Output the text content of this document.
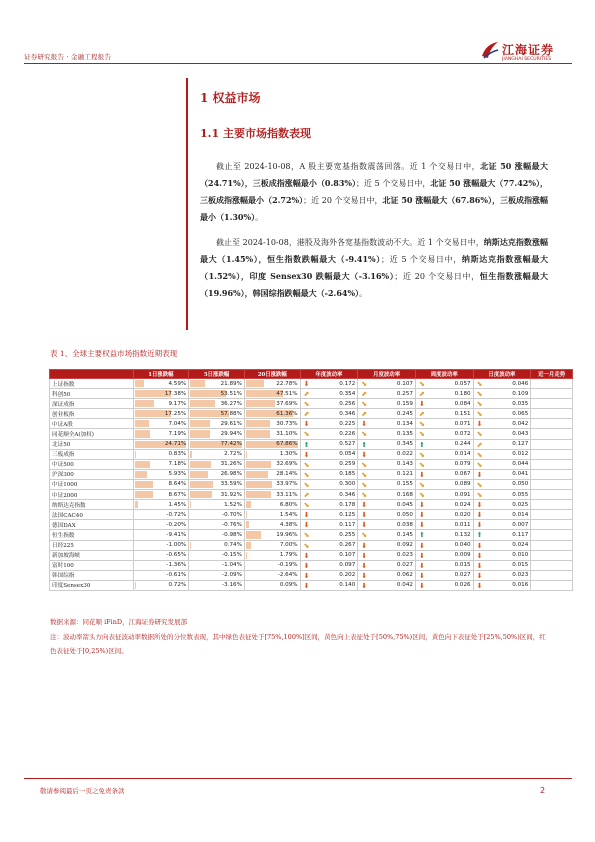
证券研究报告 · 金融工程报告	江海证券
JIANGHAI SECURITIES
1 权益市场
1.1 主要市场指数表现
截止至 2024-10-08，A 股主要宽基指数震荡回落。近 1 个交易日中，北证 50 涨幅最大（24.71%），三板成指涨幅最小（0.83%）；近 5 个交易日中，北证 50 涨幅最大（77.42%），三板成指涨幅最小（2.72%）；近 20 个交易日中，北证 50 涨幅最大（67.86%），三板成指涨幅最小（1.30%）。
截止至 2024-10-08，港股及海外各宽基指数波动不大。近 1 个交易日中，纳斯达克指数涨幅最大（1.45%），恒生指数跌幅最大（-9.41%）；近 5 个交易日中，纳斯达克指数涨幅最大（1.52%），印度 Sensex30 跌幅最大（-3.16%）；近 20 个交易日中，恒生指数涨幅最大（19.96%），韩国综指跌幅最大（-2.64%）。
表 1、全球主要权益市场指数近期表现
	1日涨跌幅	5日涨跌幅	20日涨跌幅	年度波动率	月度波动率	周度波动率	日度波动率	近一月走势
上证指数	4.59%	21.89%	22.78%	⬇ 0.172	⬊ 0.107	⬊ 0.057	⬊ 0.046	

科创50	17.38%	53.51%	47.51%	⬈ 0.354	⬈ 0.257	⬈ 0.180	⬊ 0.109	

深证成指	9.17%	36.27%	37.69%	⬊ 0.256	⬊ 0.159	⬇ 0.084	⬊ 0.035	

创业板指	17.25%	57.88%	61.36%	⬈ 0.346	⬈ 0.245	⬈ 0.151	⬊ 0.065	

中证A股	7.04%	29.61%	30.73%	⬇ 0.225	⬇ 0.134	⬊ 0.071	⬇ 0.042	

同花顺全A(加权)	7.19%	29.94%	31.10%	⬊ 0.226	⬊ 0.135	⬊ 0.072	⬊ 0.043	

北证50	24.71%	77.42%	67.86%	⬆ 0.527	⬆ 0.345	⬆ 0.244	⬈ 0.127	

三板成指	0.83%	2.72%	1.30%	⬇ 0.054	⬇ 0.022	⬊ 0.014	⬊ 0.012	

中证500	7.18%	31.26%	32.69%	⬊ 0.259	⬊ 0.143	⬊ 0.079	⬊ 0.044	

沪深300	5.93%	26.98%	28.14%	⬊ 0.185	⬊ 0.121	⬇ 0.067	⬇ 0.041	

中证1000	8.64%	33.59%	33.97%	⬊ 0.300	⬊ 0.155	⬊ 0.089	⬊ 0.050	

中证2000	8.67%	31.92%	33.11%	⬈ 0.346	⬊ 0.168	⬊ 0.091	⬊ 0.055	

纳斯达克指数	1.45%	1.52%	6.80%	⬊ 0.178	⬇ 0.045	⬇ 0.024	⬇ 0.025	

法国CAC40	-0.72%	-0.70%	1.54%	⬇ 0.125	⬇ 0.050	⬇ 0.020	⬇ 0.014	

德国DAX	-0.20%	-0.76%	4.38%	⬇ 0.117	⬇ 0.038	⬇ 0.011	⬇ 0.007	

恒生指数	-9.41%	-0.98%	19.96%	⬊ 0.255	⬊ 0.145	⬆ 0.132	⬆ 0.117	

日经225	-1.00%	0.74%	7.00%	⬊ 0.267	⬇ 0.092	⬇ 0.040	⬇ 0.024	

新加坡海峡	-0.65%	-0.15%	1.79%	⬇ 0.107	⬇ 0.023	⬇ 0.009	⬇ 0.010	

富时100	-1.36%	-1.04%	-0.19%	⬇ 0.097	⬇ 0.027	⬇ 0.015	⬇ 0.015	

韩国综指	-0.61%	-2.09%	-2.64%	⬇ 0.202	⬇ 0.062	⬇ 0.027	⬇ 0.023	

印度Sensex30	0.72%	-3.16%	0.09%	⬇ 0.140	⬇ 0.042	⬇ 0.026	⬇ 0.016	

数据来源：同花顺 iFinD，江海证券研究发展部
注：波动率箭头方向表征波动率数据所处的分位数表现，其中绿色表征处于[75%,100%]区间，黄色向上表征处于[50%,75%)区间，黄色向下表征处于[25%,50%)区间，红色表征处于[0,25%)区间。
敬请参阅最后一页之免责条款	2
